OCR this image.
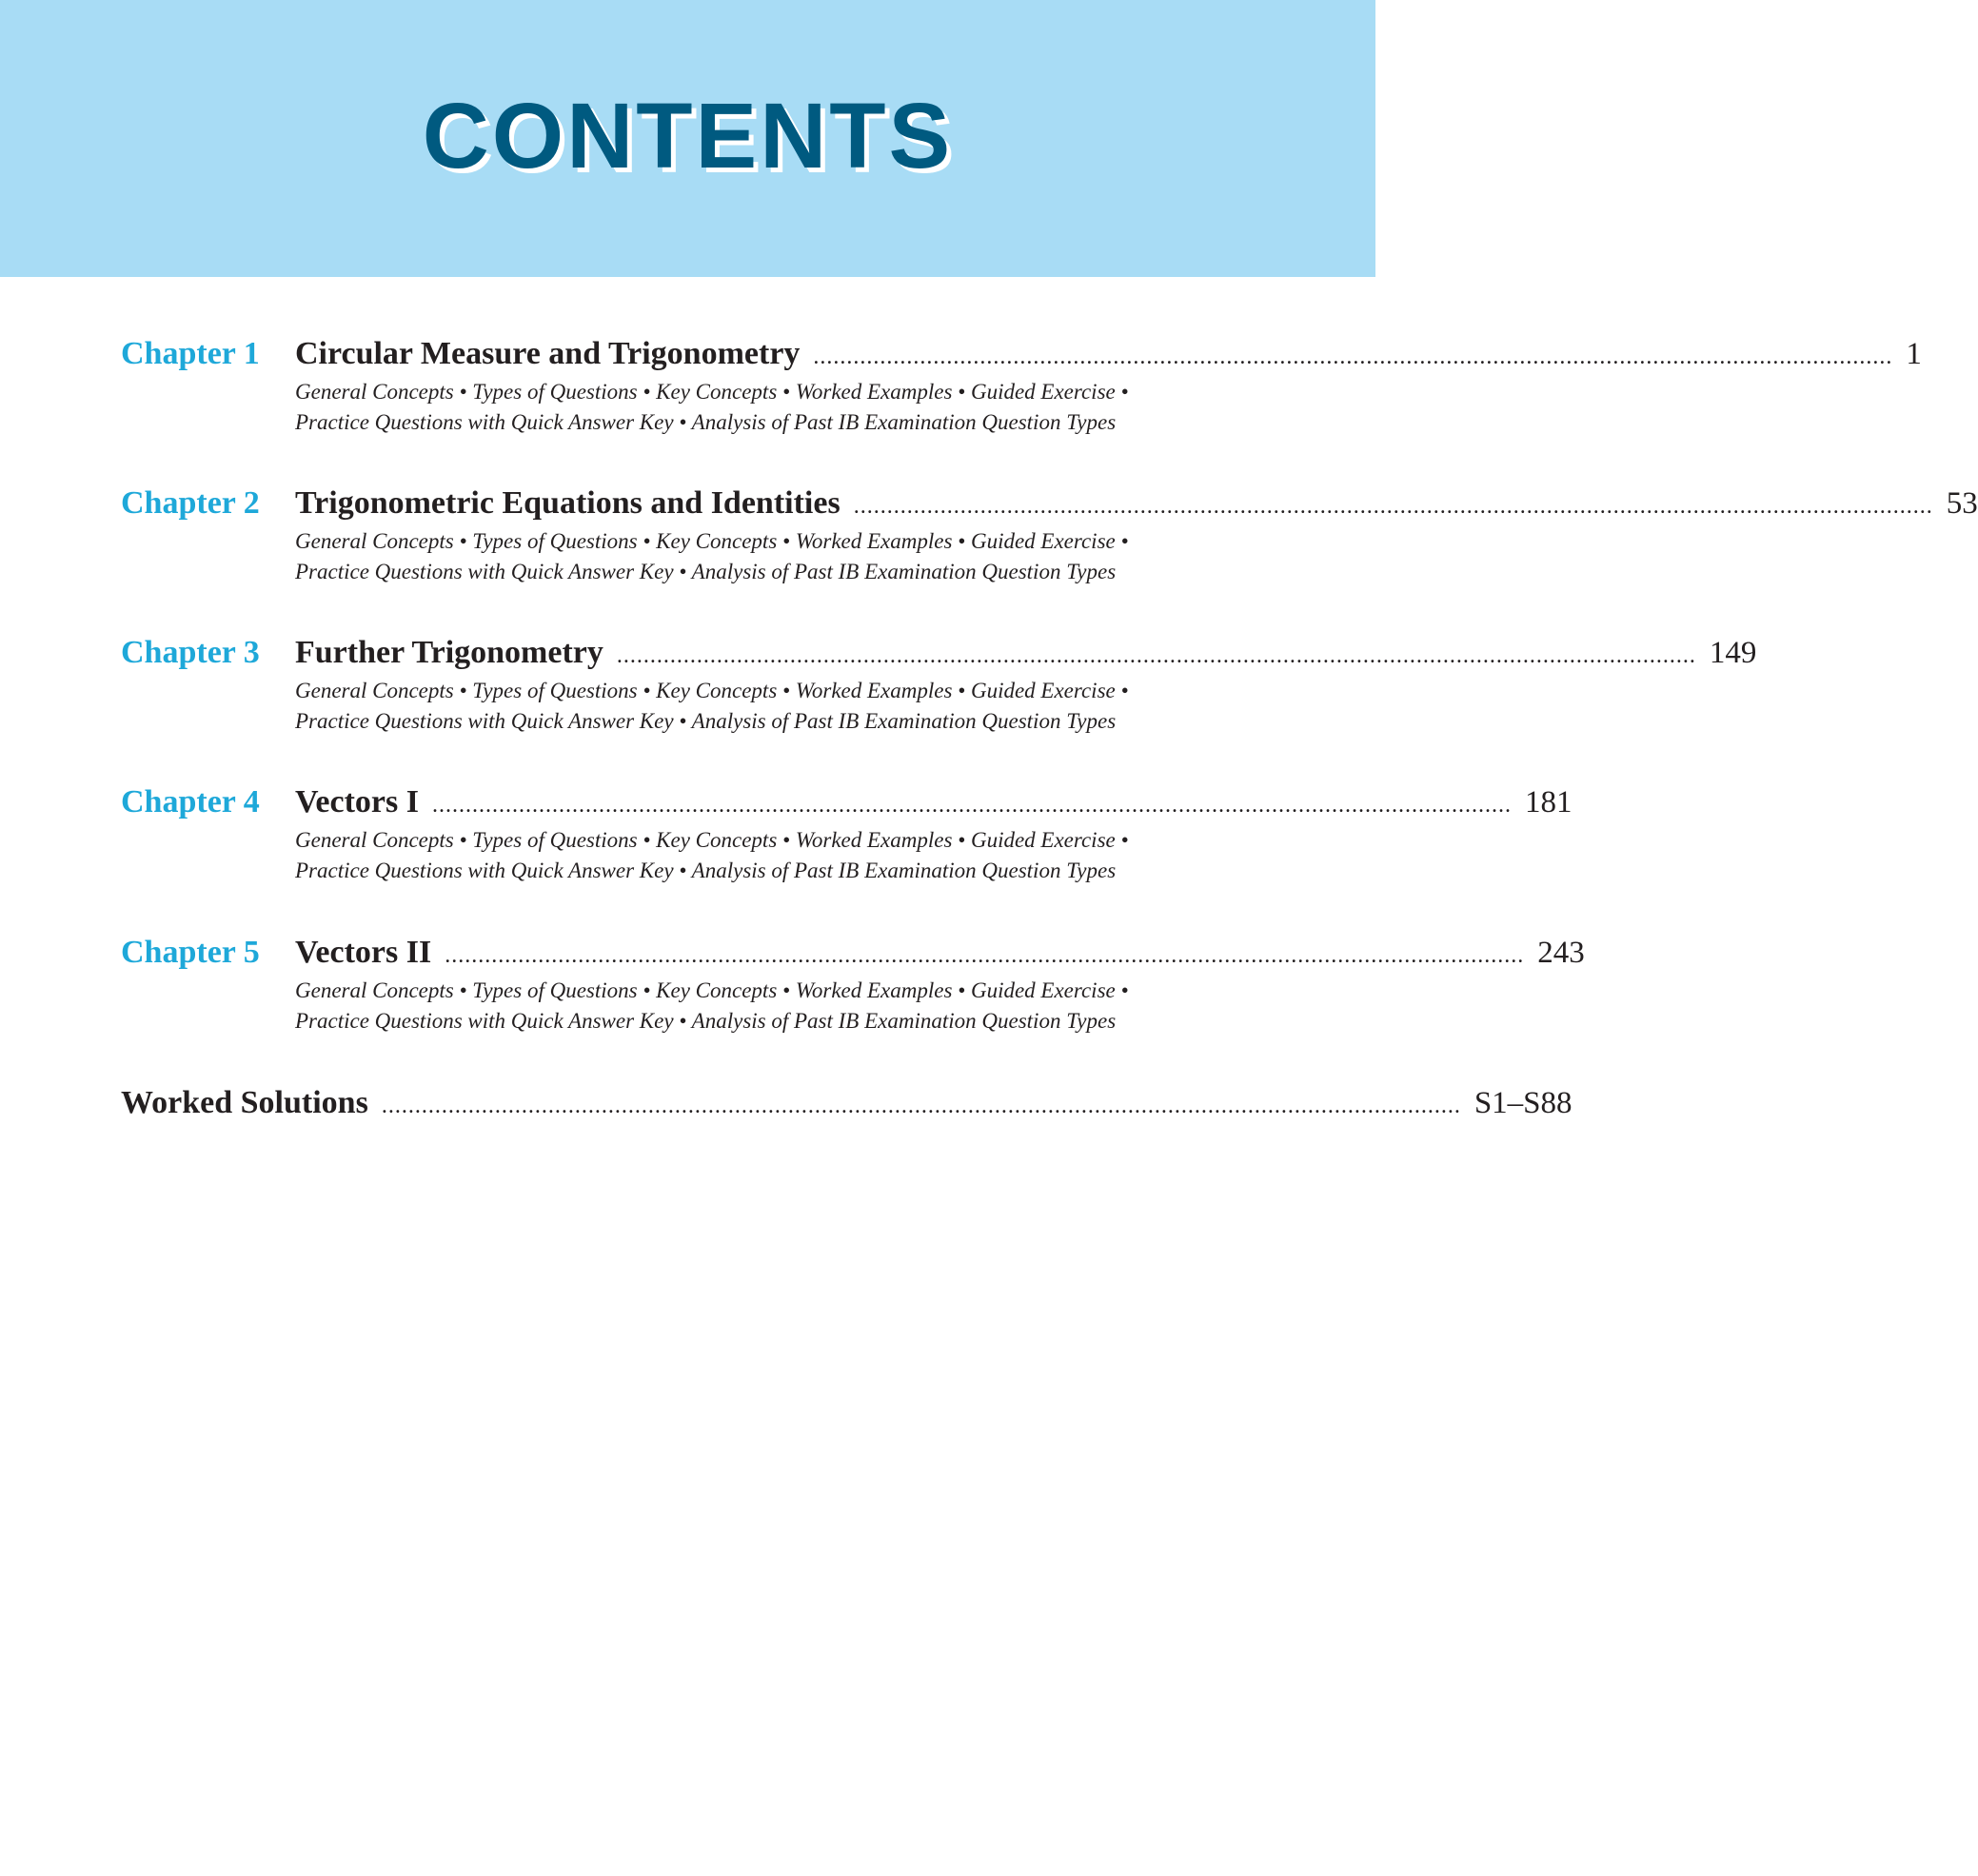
CONTENTS
Chapter 1 Circular Measure and Trigonometry .................................................................................................................................................................. 1
General Concepts • Types of Questions • Key Concepts • Worked Examples • Guided Exercise •
Practice Questions with Quick Answer Key • Analysis of Past IB Examination Question Types
Chapter 2 Trigonometric Equations and Identities .................................................................................................................................................................. 53
General Concepts • Types of Questions • Key Concepts • Worked Examples • Guided Exercise •
Practice Questions with Quick Answer Key • Analysis of Past IB Examination Question Types
Chapter 3 Further Trigonometry .................................................................................................................................................................. 149
General Concepts • Types of Questions • Key Concepts • Worked Examples • Guided Exercise •
Practice Questions with Quick Answer Key • Analysis of Past IB Examination Question Types
Chapter 4 Vectors I .................................................................................................................................................................. 181
General Concepts • Types of Questions • Key Concepts • Worked Examples • Guided Exercise •
Practice Questions with Quick Answer Key • Analysis of Past IB Examination Question Types
Chapter 5 Vectors II .................................................................................................................................................................. 243
General Concepts • Types of Questions • Key Concepts • Worked Examples • Guided Exercise •
Practice Questions with Quick Answer Key • Analysis of Past IB Examination Question Types
Worked Solutions .................................................................................................................................................................. S1–S88
